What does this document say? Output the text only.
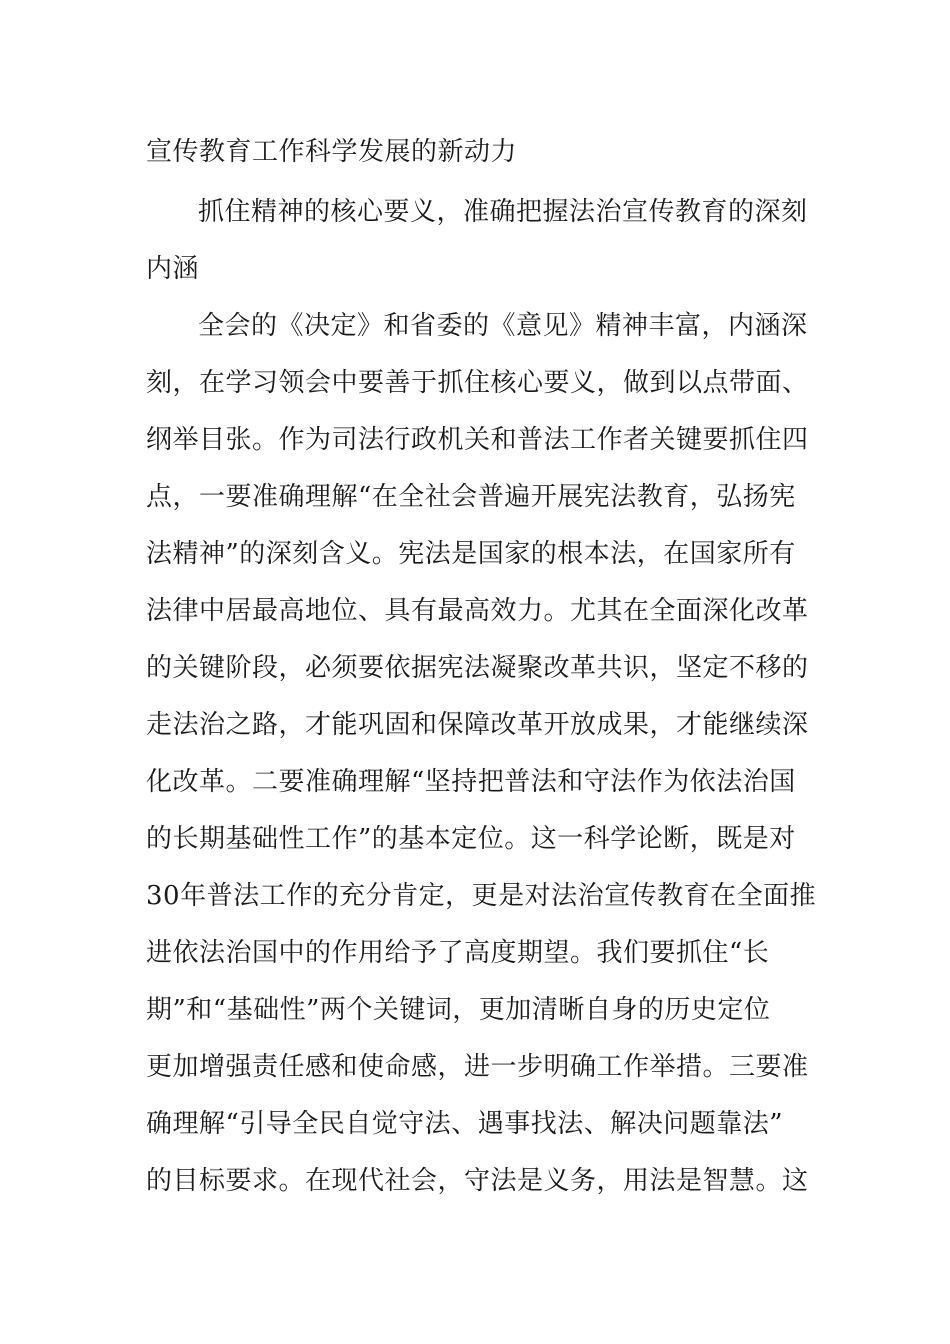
宣传教育工作科学发展的新动力
抓住精神的核心要义，准确把握法治宣传教育的深刻
内涵
全会的《决定》和省委的《意见》精神丰富，内涵深
刻，在学习领会中要善于抓住核心要义，做到以点带面、
纲举目张。作为司法行政机关和普法工作者关键要抓住四
点，一要准确理解“在全社会普遍开展宪法教育，弘扬宪
法精神”的深刻含义。宪法是国家的根本法，在国家所有
法律中居最高地位、具有最高效力。尤其在全面深化改革
的关键阶段，必须要依据宪法凝聚改革共识，坚定不移的
走法治之路，才能巩固和保障改革开放成果，才能继续深
化改革。二要准确理解“坚持把普法和守法作为依法治国
的长期基础性工作”的基本定位。这一科学论断，既是对
30年普法工作的充分肯定，更是对法治宣传教育在全面推
进依法治国中的作用给予了高度期望。我们要抓住“长
期”和“基础性”两个关键词，更加清晰自身的历史定位
更加增强责任感和使命感，进一步明确工作举措。三要准
确理解“引导全民自觉守法、遇事找法、解决问题靠法”
的目标要求。在现代社会，守法是义务，用法是智慧。这
